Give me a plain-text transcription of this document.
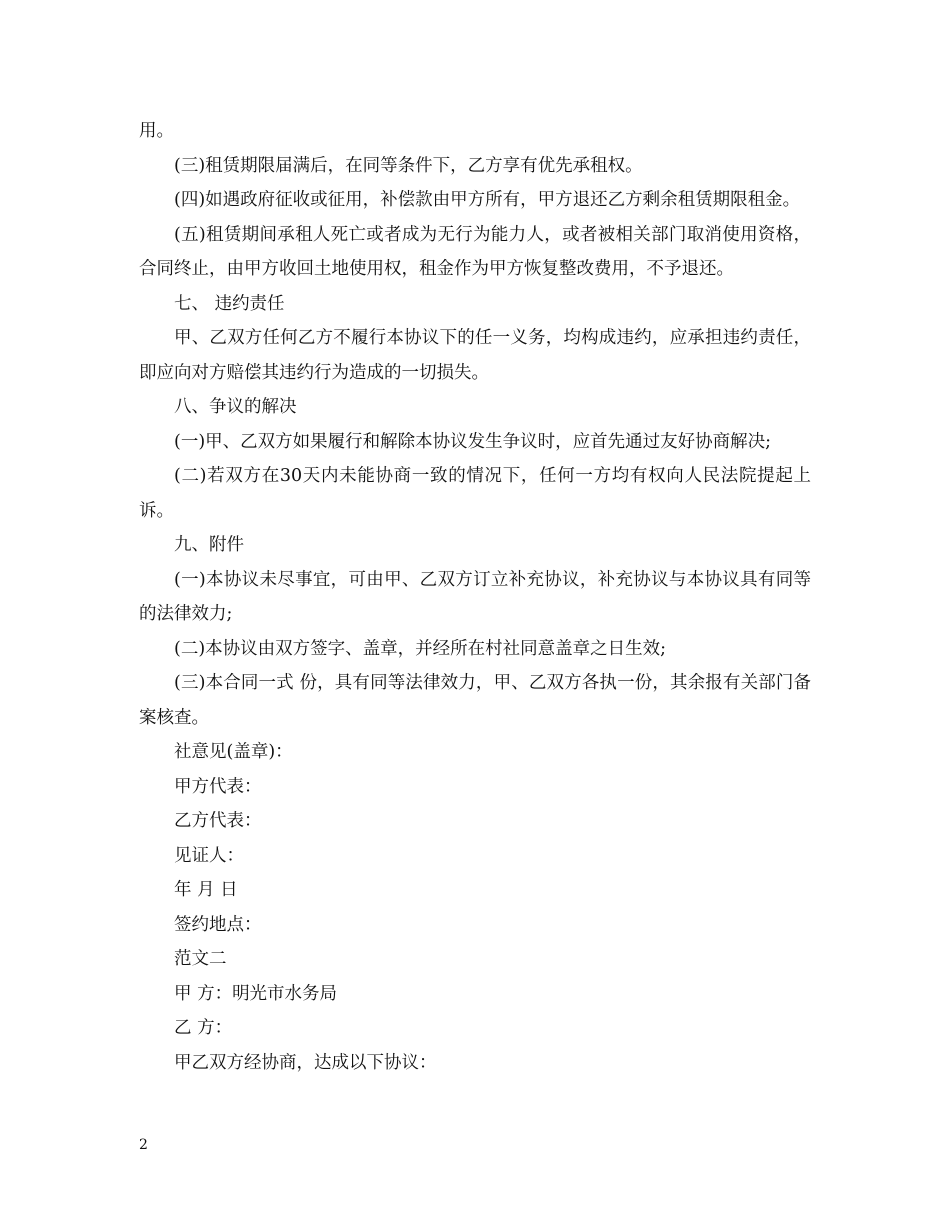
用。

(三)租赁期限届满后，在同等条件下，乙方享有优先承租权。

(四)如遇政府征收或征用，补偿款由甲方所有，甲方退还乙方剩余租赁期限租金。

(五)租赁期间承租人死亡或者成为无行为能力人，或者被相关部门取消使用资格，合同终止，由甲方收回土地使用权，租金作为甲方恢复整改费用，不予退还。

七、 违约责任

甲、乙双方任何乙方不履行本协议下的任一义务，均构成违约，应承担违约责任，即应向对方赔偿其违约行为造成的一切损失。

八、争议的解决

(一)甲、乙双方如果履行和解除本协议发生争议时，应首先通过友好协商解决;

(二)若双方在30天内未能协商一致的情况下，任何一方均有权向人民法院提起上诉。

九、附件

(一)本协议未尽事宜，可由甲、乙双方订立补充协议，补充协议与本协议具有同等的法律效力;

(二)本协议由双方签字、盖章，并经所在村社同意盖章之日生效;

(三)本合同一式 份，具有同等法律效力，甲、乙双方各执一份，其余报有关部门备案核查。

社意见(盖章)：

甲方代表：

乙方代表：

见证人：

年 月 日

签约地点：

范文二

甲 方：明光市水务局

乙 方：

甲乙双方经协商，达成以下协议：

2
